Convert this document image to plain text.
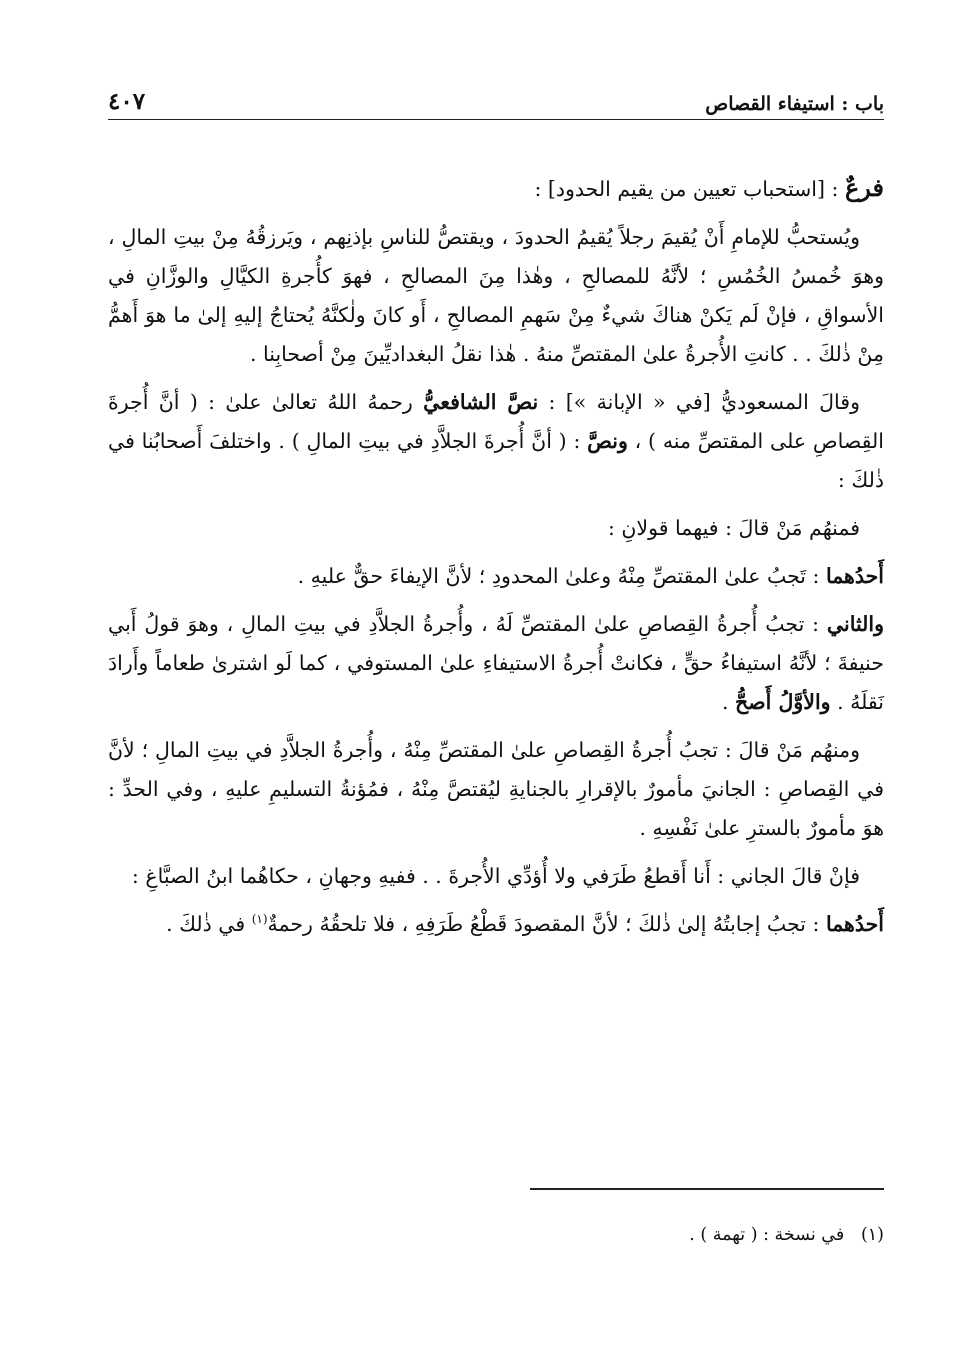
باب : استيفاء القصاص
٤٠٧

فرعٌ : [استحباب تعيين من يقيم الحدود] :

ويُستحبُّ للإمامِ أَنْ يُقيمَ رجلاً يُقيمُ الحدودَ ، ويقتصُّ للناسِ بإذنِهم ، ويَرزقُهُ مِنْ بيتِ المالِ ، وهوَ خُمسُ الخُمُسِ ؛ لأنَّهُ للمصالحِ ، وهٰذا مِنَ المصالحِ ، فهوَ كأُجرةِ الكيَّالِ والوزَّانِ في الأسواقِ ، فإنْ لَم يَكنْ هناكَ شيءٌ مِنْ سَهمِ المصالحِ ، أَو كانَ ولٰكنَّهُ يُحتاجُ إليهِ إلىٰ ما هوَ أَهمُّ مِنْ ذٰلكَ . . كانتِ الأُجرةُ علىٰ المقتصِّ منهُ . هٰذا نقلُ البغداديِّينَ مِنْ أصحابِنا .

وقالَ المسعوديُّ [في « الإبانة »] : نصَّ الشافعيُّ رحمهُ اللهُ تعالىٰ علىٰ : ( أنَّ أُجرةَ القِصاصِ على المقتصِّ منه ) ، ونصَّ : ( أنَّ أُجرةَ الجلاَّدِ في بيتِ المالِ ) . واختلفَ أَصحابُنا في ذٰلكَ :

فمنهُم مَنْ قالَ : فيهما قولانِ :

أَحدُهما : تَجبُ علىٰ المقتصِّ مِنْهُ وعلىٰ المحدودِ ؛ لأنَّ الإيفاءَ حقٌّ عليهِ .

والثاني : تجبُ أُجرةُ القِصاصِ علىٰ المقتصِّ لَهُ ، وأُجرةُ الجلاَّدِ في بيتِ المالِ ، وهوَ قولُ أَبي حنيفةَ ؛ لأنَّهُ استيفاءُ حقٍّ ، فكانتْ أُجرةُ الاستيفاءِ علىٰ المستوفي ، كما لَو اشترىٰ طعاماً وأَرادَ نَقلَهُ . والأوَّلُ أَصحُّ .

ومنهُم مَنْ قالَ : تجبُ أُجرةُ القِصاصِ علىٰ المقتصِّ مِنْهُ ، وأُجرةُ الجلاَّدِ في بيتِ المالِ ؛ لأنَّ في القِصاصِ : الجانيَ مأمورٌ بالإقرارِ بالجنايةِ ليُقتصَّ مِنْهُ ، فمُؤنةُ التسليمِ عليهِ ، وفي الحدِّ : هوَ مأمورٌ بالسترِ علىٰ نَفْسِهِ .

فإنْ قالَ الجاني : أَنا أَقطعُ طَرَفي ولا أُؤدِّي الأُجرةَ . . ففيهِ وجهانِ ، حكاهُما ابنُ الصبَّاغِ :

أَحدُهما : تجبُ إجابتُهُ إلىٰ ذٰلكَ ؛ لأنَّ المقصودَ قَطْعُ طَرَفِهِ ، فلا تلحقُهُ رحمةٌ$^{(١)}$ في ذٰلكَ .

(١)   في نسخة : ( تهمة ) .
